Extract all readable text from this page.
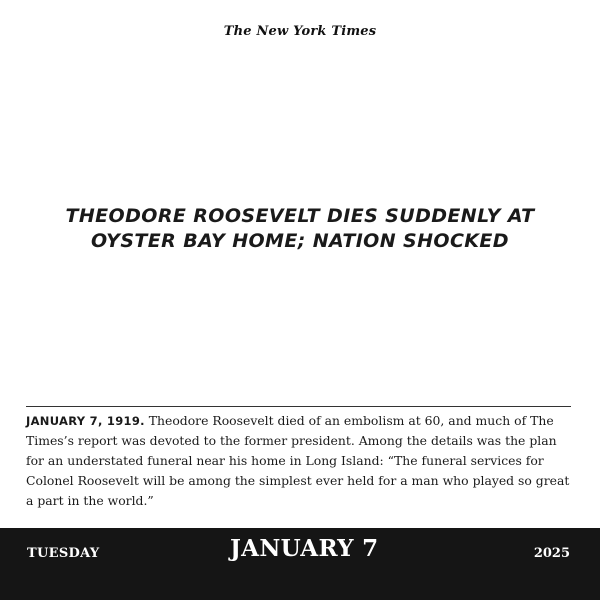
The New York Times
THEODORE ROOSEVELT DIES SUDDENLY AT
OYSTER BAY HOME; NATION SHOCKED

JANUARY 7, 1919. Theodore Roosevelt died of an embolism at 60, and much of The Times’s report was devoted to the former president. Among the details was the plan for an understated funeral near his home in Long Island: “The funeral services for Colonel Roosevelt will be among the simplest ever held for a man who played so great a part in the world.”

TUESDAY	JANUARY 7	2025
